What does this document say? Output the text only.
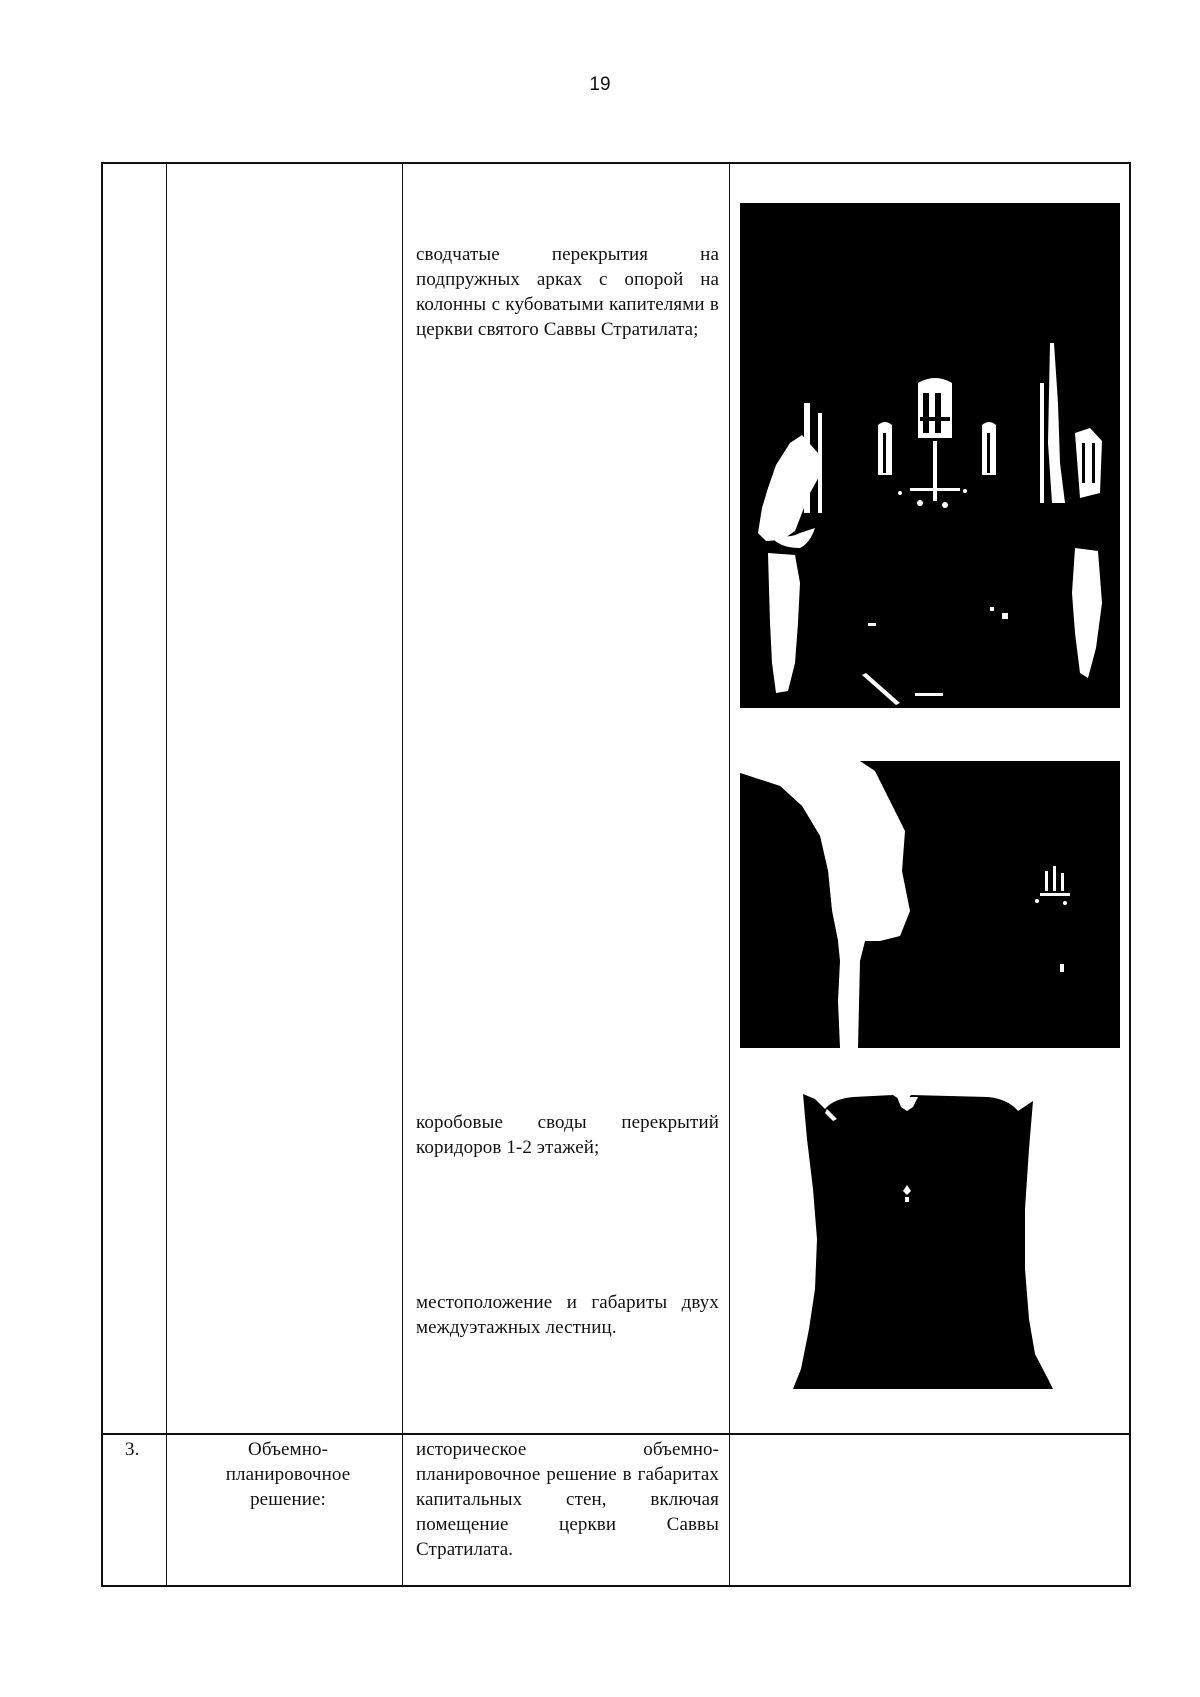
19
сводчатые перекрытия на подпружных арках с опорой на колонны с кубоватыми капителями в церкви святого Саввы Стратилата;
коробовые своды перекрытий коридоров 1-2 этажей;
местоположение и габариты двух междуэтажных лестниц.
3.	Объемно-планировочное решение:
историческое объемно-планировочное решение в габаритах капитальных стен, включая помещение церкви Саввы Стратилата.
